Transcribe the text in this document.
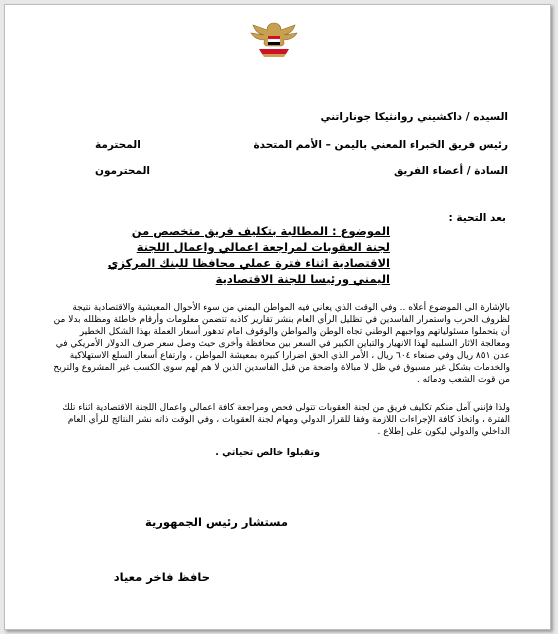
السيده / داكشيني روانثيكا جوناراتني
رئيس فريق الخبراء المعني باليمن – الأمم المتحدة
المحترمة
السادة / أعضاء الفريق
المحترمون
بعد التحية :
الموضوع : المطالبة بتكليف فريق متخصص من
لجنة العقوبات لمراجعة اعمالي واعمال اللجنة
الاقتصادية اثناء فترة عملي محافظا للبنك المركزي
اليمني ورئيسا للجنة الاقتصادية
بالإشارة الى الموضوع أعلاه .. وفي الوقت الذي يعاني فيه المواطن اليمني من سوء الأحوال المعيشية والاقتصادية نتيجة لظروف الحرب واستمرار الفاسدين في تظليل الرأي العام بنشر تقارير كاذبه تتضمن معلومات وأرقام خاطئة ومظلله بدلا من أن يتحملوا مسئولياتهم وواجبهم الوطني تجاه الوطن والمواطن والوقوف امام تدهور أسعار العملة بهذا الشكل الخطير ومعالجة الاثار السلبيه لهذا الانهيار والتباين الكبير في السعر بين محافظة وأخرى حيث وصل سعر صرف الدولار الأمريكي في عدن ٨٥١ ريال وفي صنعاء ٦٠٤ ريال ، الأمر الذي الحق اضرارا كبيره بمعيشة المواطن ، وارتفاع أسعار السلع الاستهلاكية والخدمات بشكل غير مسبوق في ظل لا مبالاة واضحة من قبل الفاسدين الذين لا هم لهم سوى الكسب غير المشروع والتربح من قوت الشعب ودمائه .
ولذا فإنني آمل منكم تكليف فريق من لجنة العقوبات تتولى فحص ومراجعة كافة اعمالي واعمال اللجنة الاقتصادية اثناء تلك الفترة ، واتخاذ كافة الإجراءات اللازمة وفقا للقرار الدولي ومهام لجنة العقوبات ، وفي الوقت ذاته نشر النتائج للرأي العام الداخلي والدولي ليكون على إطلاع .
وتقبلوا خالص تحياتي .
مستشار رئيس الجمهورية
حافظ فاخر معياد
